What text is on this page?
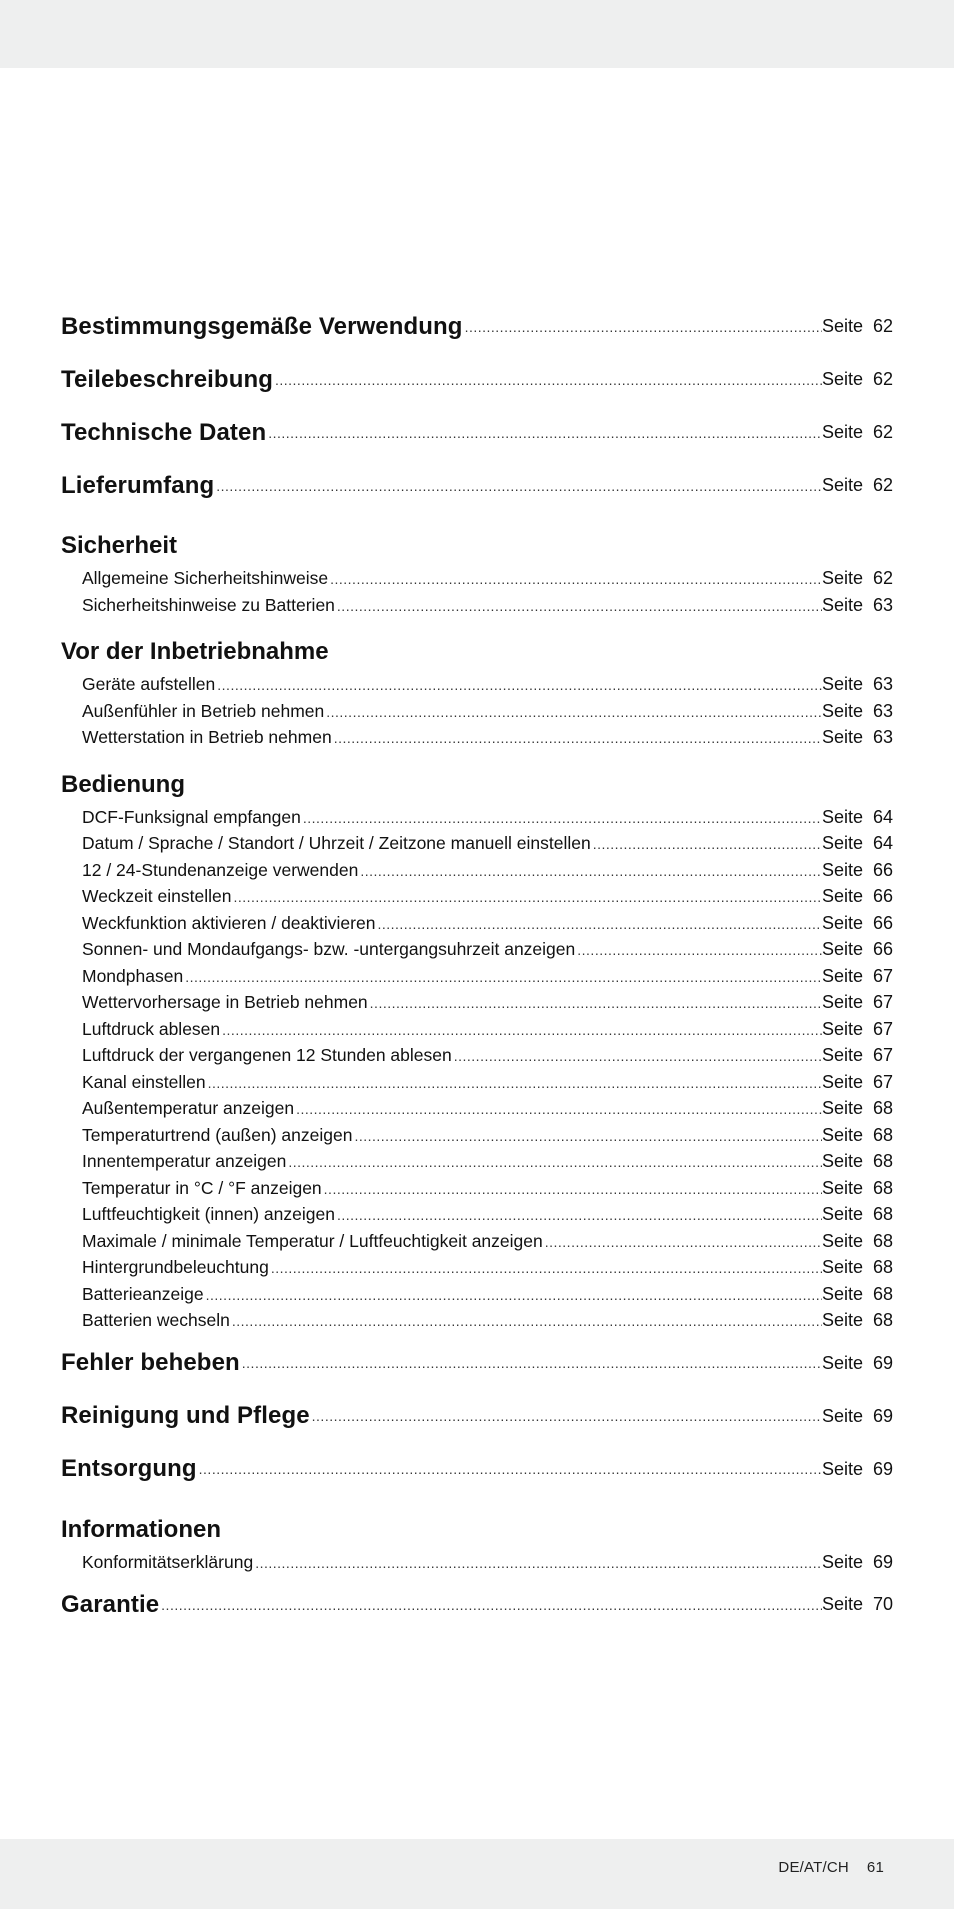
Bestimmungsgemäße Verwendung .....	Seite 62
Teilebeschreibung .....	Seite 62
Technische Daten .....	Seite 62
Lieferumfang .....	Seite 62
Sicherheit
Allgemeine Sicherheitshinweise .....	Seite 62
Sicherheitshinweise zu Batterien .....	Seite 63
Vor der Inbetriebnahme
Geräte aufstellen .....	Seite 63
Außenfühler in Betrieb nehmen .....	Seite 63
Wetterstation in Betrieb nehmen .....	Seite 63
Bedienung
DCF-Funksignal empfangen .....	Seite 64
Datum / Sprache / Standort / Uhrzeit / Zeitzone manuell einstellen .....	Seite 64
12 / 24-Stundenanzeige verwenden .....	Seite 66
Weckzeit einstellen .....	Seite 66
Weckfunktion aktivieren / deaktivieren .....	Seite 66
Sonnen- und Mondaufgangs- bzw. -untergangsuhrzeit anzeigen .....	Seite 66
Mondphasen .....	Seite 67
Wettervorhersage in Betrieb nehmen .....	Seite 67
Luftdruck ablesen .....	Seite 67
Luftdruck der vergangenen 12 Stunden ablesen .....	Seite 67
Kanal einstellen .....	Seite 67
Außentemperatur anzeigen .....	Seite 68
Temperaturtrend (außen) anzeigen .....	Seite 68
Innentemperatur anzeigen .....	Seite 68
Temperatur in °C / °F anzeigen .....	Seite 68
Luftfeuchtigkeit (innen) anzeigen .....	Seite 68
Maximale / minimale Temperatur / Luftfeuchtigkeit anzeigen .....	Seite 68
Hintergrundbeleuchtung .....	Seite 68
Batterieanzeige .....	Seite 68
Batterien wechseln .....	Seite 68
Fehler beheben .....	Seite 69
Reinigung und Pflege .....	Seite 69
Entsorgung .....	Seite 69
Informationen
Konformitätserklärung .....	Seite 69
Garantie .....	Seite 70
DE/AT/CH 61
